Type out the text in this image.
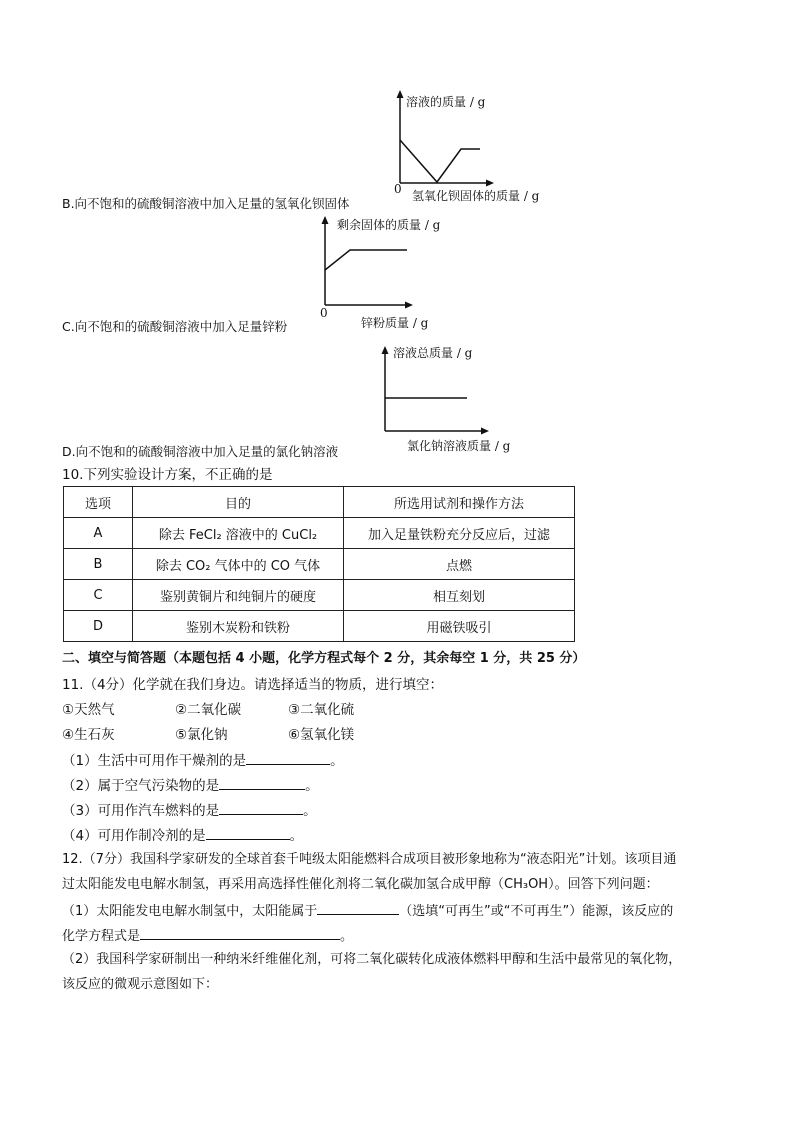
B.向不饱和的硫酸铜溶液中加入足量的氢氧化钡固体
溶液的质量 / g
0 氢氧化钡固体的质量 / g
C.向不饱和的硫酸铜溶液中加入足量锌粉
剩余固体的质量 / g
0
锌粉质量 / g
D.向不饱和的硫酸铜溶液中加入足量的氯化钠溶液
溶液总质量 / g
氯化钠溶液质量 / g
10.下列实验设计方案，不正确的是
选项	目的	所选用试剂和操作方法
A	除去 FeCl₂ 溶液中的 CuCl₂	加入足量铁粉充分反应后，过滤
B	除去 CO₂ 气体中的 CO 气体	点燃
C	鉴别黄铜片和纯铜片的硬度	相互刻划
D	鉴别木炭粉和铁粉	用磁铁吸引
二、填空与简答题（本题包括 4 小题，化学方程式每个 2 分，其余每空 1 分，共 25 分）
11.（4分）化学就在我们身边。请选择适当的物质，进行填空：
①天然气	②二氧化碳	③二氧化硫
④生石灰	⑤氯化钠	⑥氢氧化镁
（1）生活中可用作干燥剂的是	。
（2）属于空气污染物的是	。
（3）可用作汽车燃料的是	。
（4）可用作制冷剂的是	。
12.（7分）我国科学家研发的全球首套千吨级太阳能燃料合成项目被形象地称为“液态阳光”计划。该项目通
过太阳能发电电解水制氢，再采用高选择性催化剂将二氧化碳加氢合成甲醇（CH₃OH）。回答下列问题：
（1）太阳能发电电解水制氢中，太阳能属于	（选填“可再生”或“不可再生”）能源，该反应的
化学方程式是	。
（2）我国科学家研制出一种纳米纤维催化剂，可将二氧化碳转化成液体燃料甲醇和生活中最常见的氧化物，
该反应的微观示意图如下：
